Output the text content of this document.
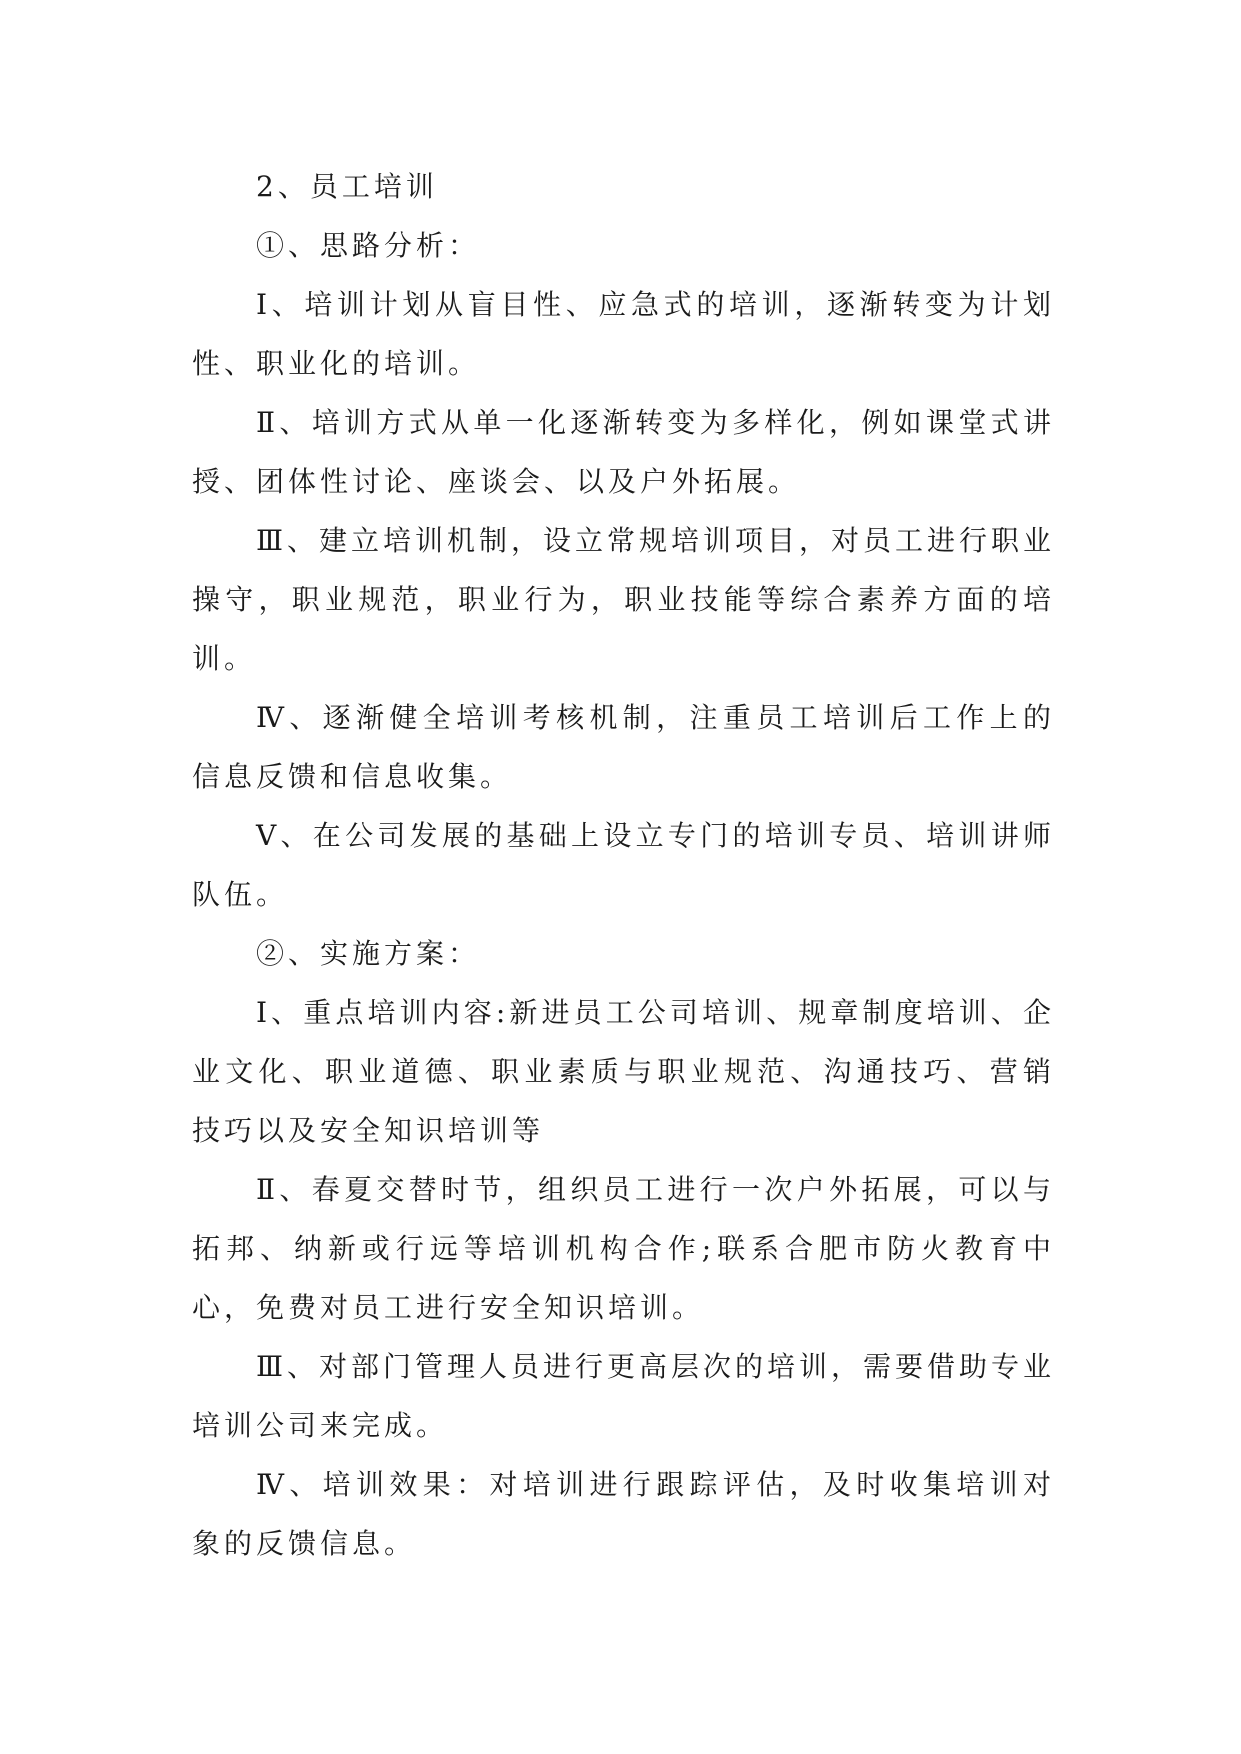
2、员工培训

①、思路分析：

Ⅰ、培训计划从盲目性、应急式的培训，逐渐转变为计划性、职业化的培训。

Ⅱ、培训方式从单一化逐渐转变为多样化，例如课堂式讲授、团体性讨论、座谈会、以及户外拓展。

Ⅲ、建立培训机制，设立常规培训项目，对员工进行职业操守，职业规范，职业行为，职业技能等综合素养方面的培训。

Ⅳ、逐渐健全培训考核机制，注重员工培训后工作上的信息反馈和信息收集。

Ⅴ、在公司发展的基础上设立专门的培训专员、培训讲师队伍。

②、实施方案：

Ⅰ、重点培训内容:新进员工公司培训、规章制度培训、企业文化、职业道德、职业素质与职业规范、沟通技巧、营销技巧以及安全知识培训等

Ⅱ、春夏交替时节，组织员工进行一次户外拓展，可以与拓邦、纳新或行远等培训机构合作;联系合肥市防火教育中心，免费对员工进行安全知识培训。

Ⅲ、对部门管理人员进行更高层次的培训，需要借助专业培训公司来完成。

Ⅳ、培训效果：对培训进行跟踪评估，及时收集培训对象的反馈信息。
